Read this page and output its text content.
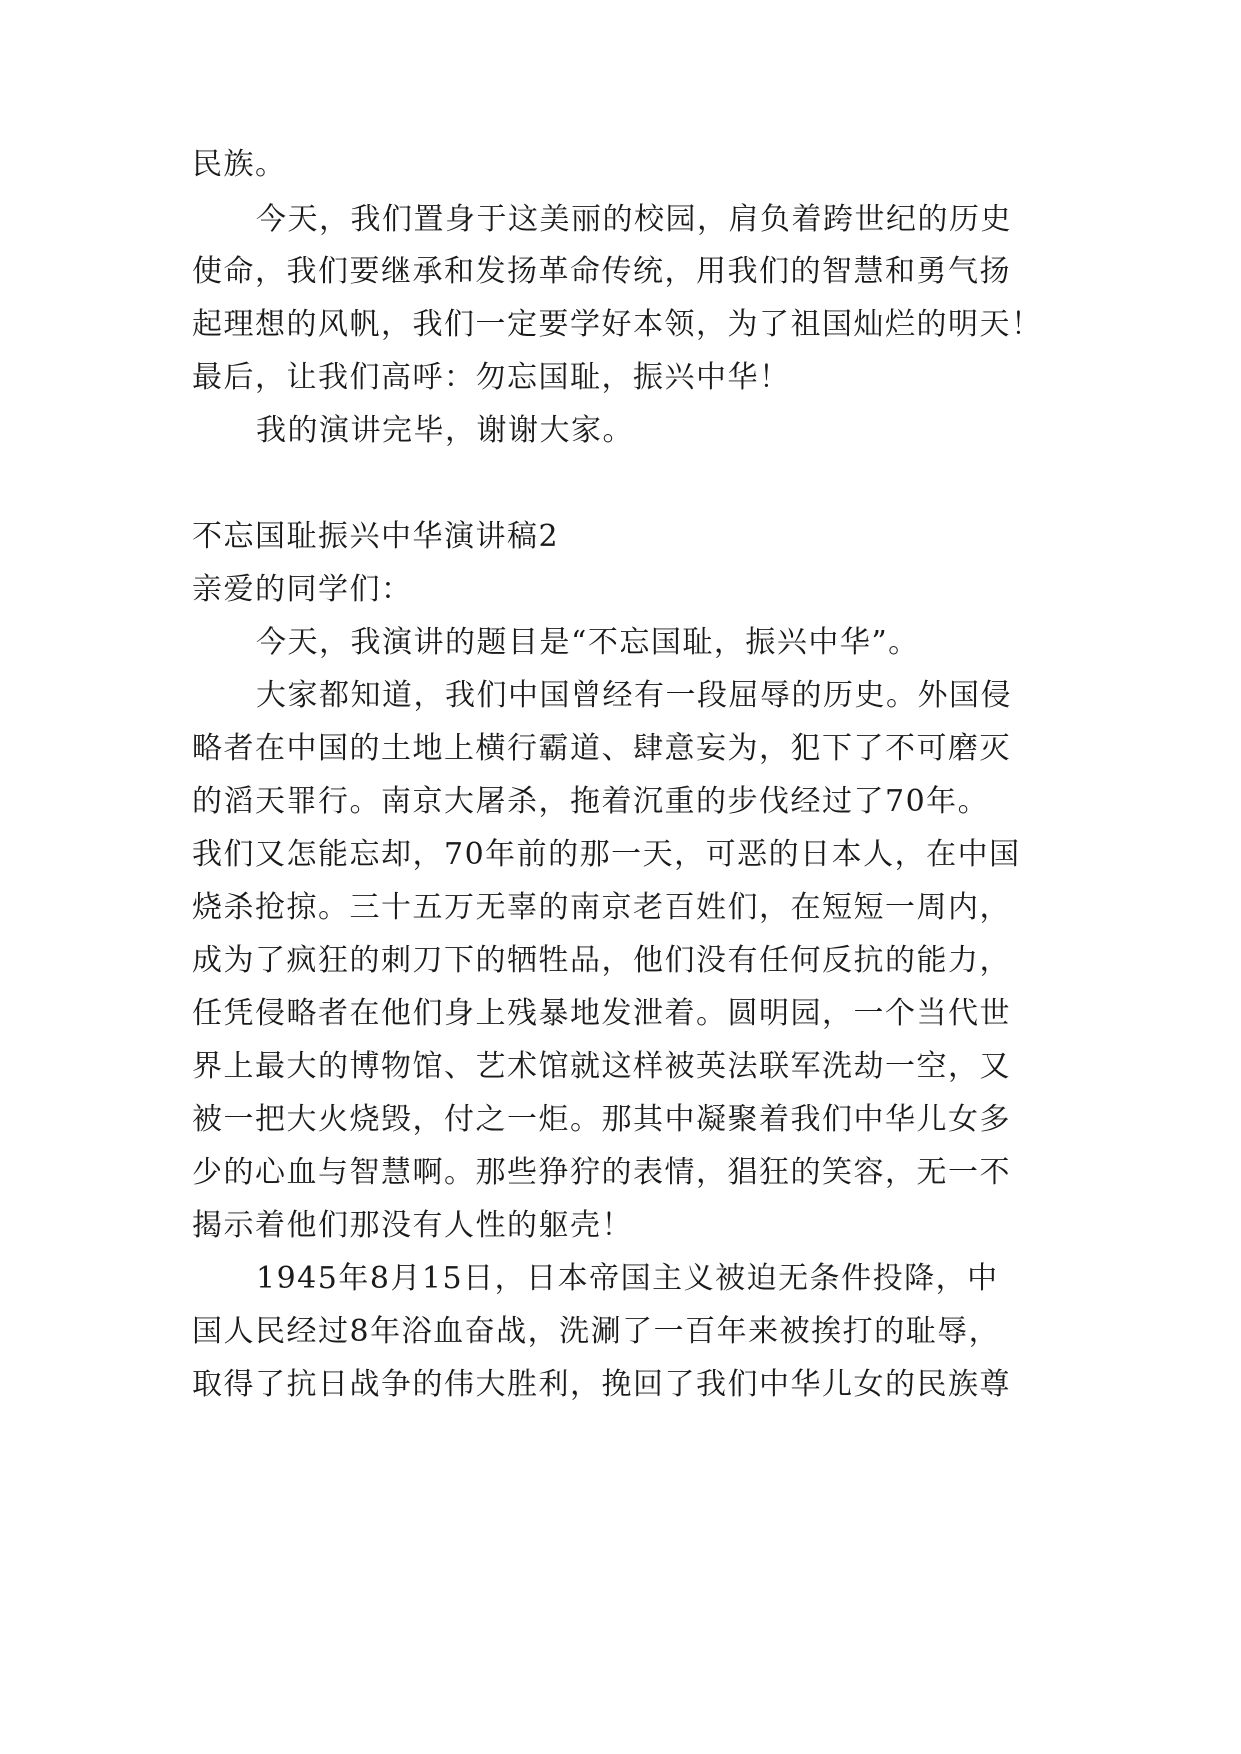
民族。
今天，我们置身于这美丽的校园，肩负着跨世纪的历史
使命，我们要继承和发扬革命传统，用我们的智慧和勇气扬
起理想的风帆，我们一定要学好本领，为了祖国灿烂的明天！
最后，让我们高呼：勿忘国耻，振兴中华！
我的演讲完毕，谢谢大家。
不忘国耻振兴中华演讲稿2
亲爱的同学们：
今天，我演讲的题目是“不忘国耻，振兴中华”。
大家都知道，我们中国曾经有一段屈辱的历史。外国侵
略者在中国的土地上横行霸道、肆意妄为，犯下了不可磨灭
的滔天罪行。南京大屠杀，拖着沉重的步伐经过了70年。
我们又怎能忘却，70年前的那一天，可恶的日本人，在中国
烧杀抢掠。三十五万无辜的南京老百姓们，在短短一周内，
成为了疯狂的刺刀下的牺牲品，他们没有任何反抗的能力，
任凭侵略者在他们身上残暴地发泄着。圆明园，一个当代世
界上最大的博物馆、艺术馆就这样被英法联军洗劫一空，又
被一把大火烧毁，付之一炬。那其中凝聚着我们中华儿女多
少的心血与智慧啊。那些狰狞的表情，猖狂的笑容，无一不
揭示着他们那没有人性的躯壳！
1945年8月15日，日本帝国主义被迫无条件投降，中
国人民经过8年浴血奋战，洗涮了一百年来被挨打的耻辱，
取得了抗日战争的伟大胜利，挽回了我们中华儿女的民族尊
